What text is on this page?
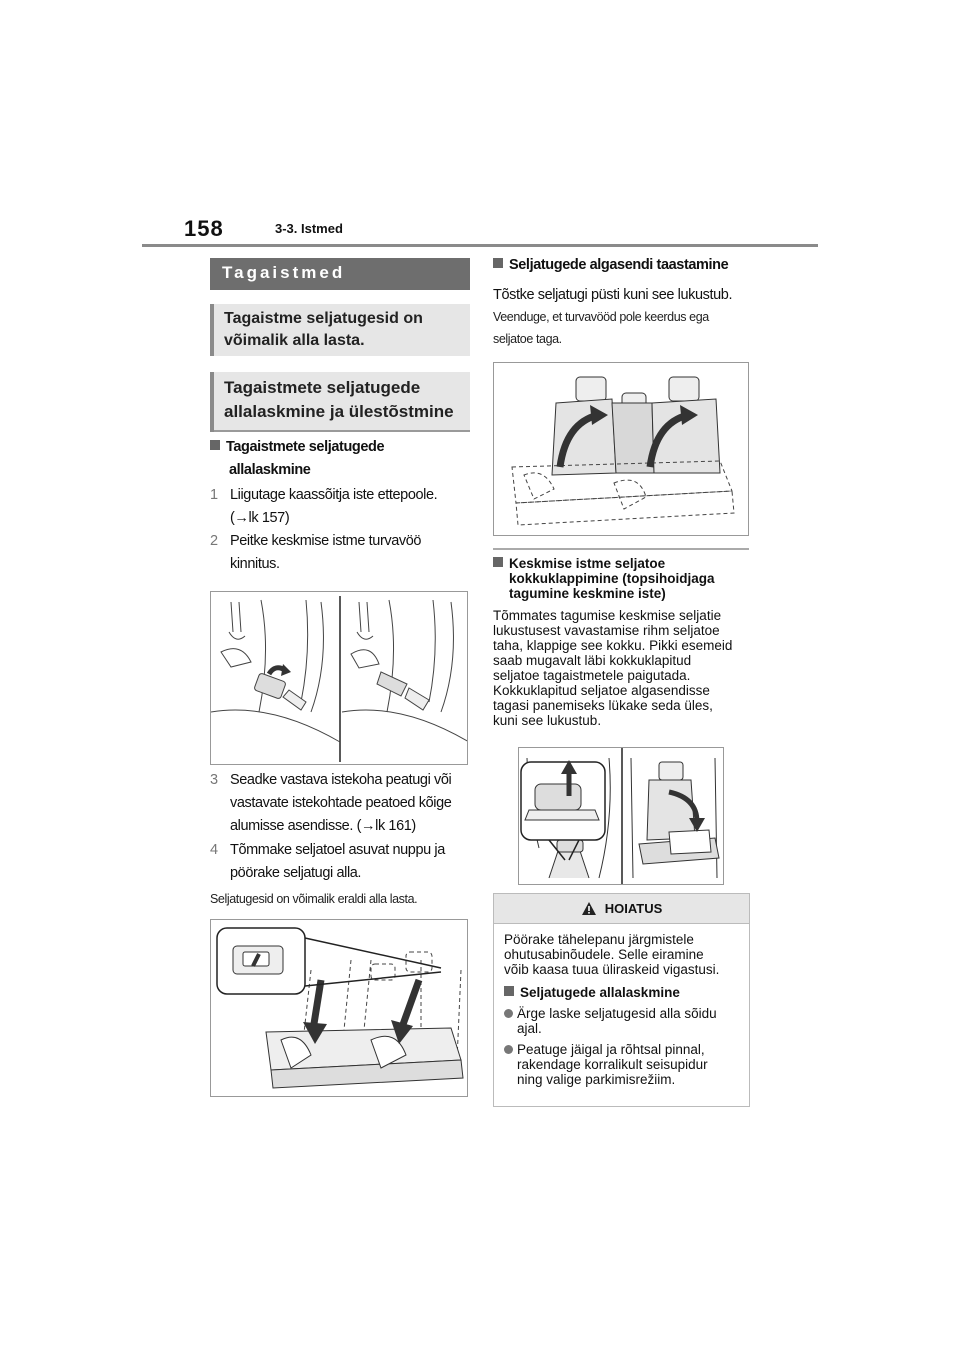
158	3-3. Istmed
Tagaistmed
Tagaistme seljatugesid on
võimalik alla lasta.
Tagaistmete seljatugede
allalaskmine ja ülestõstmine
Tagaistmete seljatugede
allalaskmine
1 Liigutage kaassõitja iste ettepoole.
(→lk 157)
2 Peitke keskmise istme turvavöö
kinnitus.
3 Seadke vastava istekoha peatugi või
vastavate istekohtade peatoed kõige
alumisse asendisse. (→lk 161)
4 Tõmmake seljatoel asuvat nuppu ja
pöörake seljatugi alla.
Seljatugesid on võimalik eraldi alla lasta.
Seljatugede algasendi taastamine
Tõstke seljatugi püsti kuni see lukustub.
Veenduge, et turvavööd pole keerdus ega
seljatoe taga.
Keskmise istme seljatoe
kokkuklappimine (topsihoidjaga
tagumine keskmine iste)
Tõmmates tagumise keskmise seljatie
lukustusest vavastamise rihm seljatoe
taha, klappige see kokku. Pikki esemeid
saab mugavalt läbi kokkuklapitud
seljatoe tagaistmetele paigutada.
Kokkuklapitud seljatoe algasendisse
tagasi panemiseks lükake seda üles,
kuni see lukustub.
HOIATUS
Pöörake tähelepanu järgmistele
ohutusabinõudele. Selle eiramine
võib kaasa tuua üliraskeid vigastusi.
Seljatugede allalaskmine
Ärge laske seljatugesid alla sõidu
ajal.
Peatuge jäigal ja rõhtsal pinnal,
rakendage korralikult seisupidur
ning valige parkimisrežiim.
